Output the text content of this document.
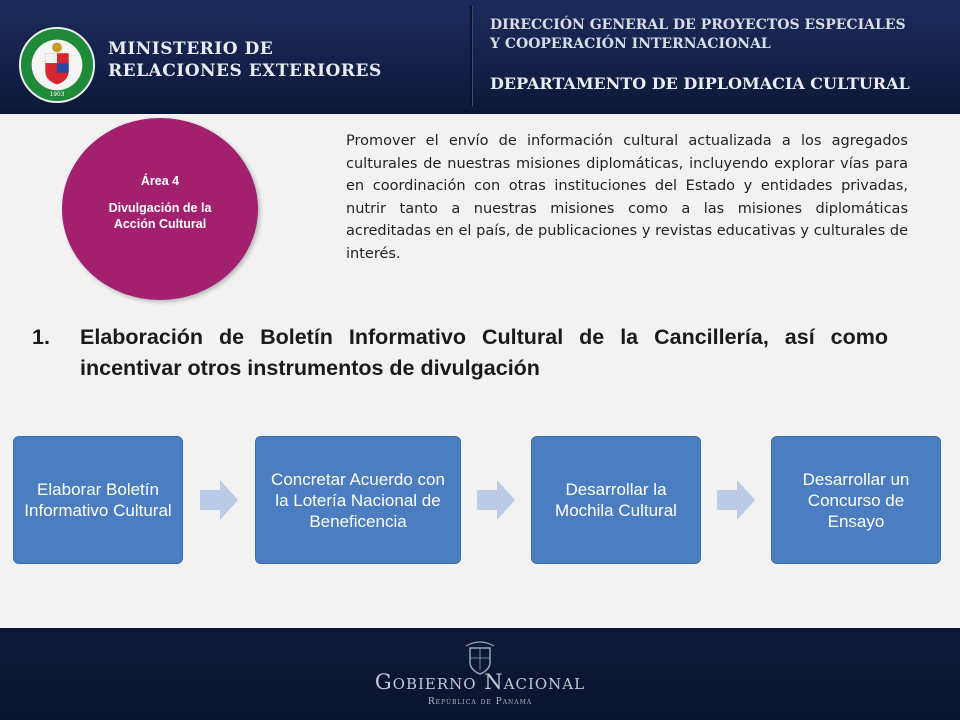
1903
MINISTERIO DE
RELACIONES EXTERIORES
DIRECCIÓN GENERAL DE PROYECTOS ESPECIALES
Y COOPERACIÓN INTERNACIONAL
DEPARTAMENTO DE DIPLOMACIA CULTURAL
Área 4
Divulgación de la Acción Cultural
Promover el envío de información cultural actualizada a los agregados culturales de nuestras misiones diplomáticas, incluyendo explorar vías para en coordinación con otras instituciones del Estado y entidades privadas, nutrir tanto a nuestras misiones como a las misiones diplomáticas acreditadas en el país, de publicaciones y revistas educativas y culturales de interés.
1. Elaboración de Boletín Informativo Cultural de la Cancillería, así como incentivar otros instrumentos de divulgación
Elaborar Boletín Informativo Cultural
Concretar Acuerdo con la Lotería Nacional de Beneficencia
Desarrollar la Mochila Cultural
Desarrollar un Concurso de Ensayo
Gobierno Nacional
República de Panamá
